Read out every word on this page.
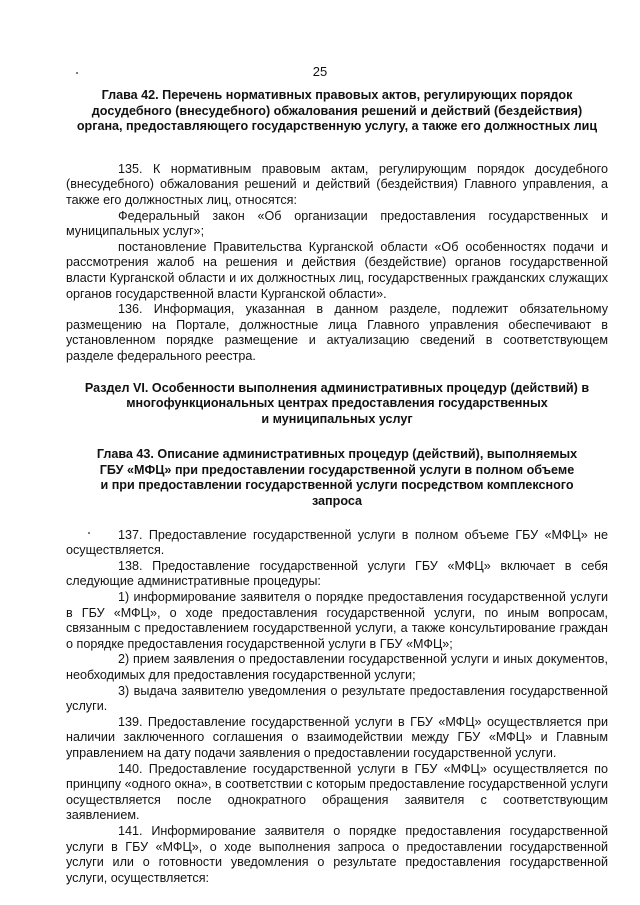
25
Глава 42. Перечень нормативных правовых актов, регулирующих порядок
досудебного (внесудебного) обжалования решений и действий (бездействия)
органа, предоставляющего государственную услугу, а также его должностных лиц

135. К нормативным правовым актам, регулирующим порядок досудебного (внесудебного) обжалования решений и действий (бездействия) Главного управления, а также его должностных лиц, относятся:

Федеральный закон «Об организации предоставления государственных и муниципальных услуг»;

постановление Правительства Курганской области «Об особенностях подачи и рассмотрения жалоб на решения и действия (бездействие) органов государственной власти Курганской области и их должностных лиц, государственных гражданских служащих органов государственной власти Курганской области».

136. Информация, указанная в данном разделе, подлежит обязательному размещению на Портале, должностные лица Главного управления обеспечивают в установленном порядке размещение и актуализацию сведений в соответствующем разделе федерального реестра.

Раздел VI. Особенности выполнения административных процедур (действий) в
многофункциональных центрах предоставления государственных
и муниципальных услуг
Глава 43. Описание административных процедур (действий), выполняемых
ГБУ «МФЦ» при предоставлении государственной услуги в полном объеме
и при предоставлении государственной услуги посредством комплексного
запроса

137. Предоставление государственной услуги в полном объеме ГБУ «МФЦ» не осуществляется.

138. Предоставление государственной услуги ГБУ «МФЦ» включает в себя следующие административные процедуры:

1) информирование заявителя о порядке предоставления государственной услуги в ГБУ «МФЦ», о ходе предоставления государственной услуги, по иным вопросам, связанным с предоставлением государственной услуги, а также консультирование граждан о порядке предоставления государственной услуги в ГБУ «МФЦ»;

2) прием заявления о предоставлении государственной услуги и иных документов, необходимых для предоставления государственной услуги;

3) выдача заявителю уведомления о результате предоставления государственной услуги.

139. Предоставление государственной услуги в ГБУ «МФЦ» осуществляется при наличии заключенного соглашения о взаимодействии между ГБУ «МФЦ» и Главным управлением на дату подачи заявления о предоставлении государственной услуги.

140. Предоставление государственной услуги в ГБУ «МФЦ» осуществляется по принципу «одного окна», в соответствии с которым предоставление государственной услуги осуществляется после однократного обращения заявителя с соответствующим заявлением.

141. Информирование заявителя о порядке предоставления государственной услуги в ГБУ «МФЦ», о ходе выполнения запроса о предоставлении государственной услуги или о готовности уведомления о результате предоставления государственной услуги, осуществляется:
